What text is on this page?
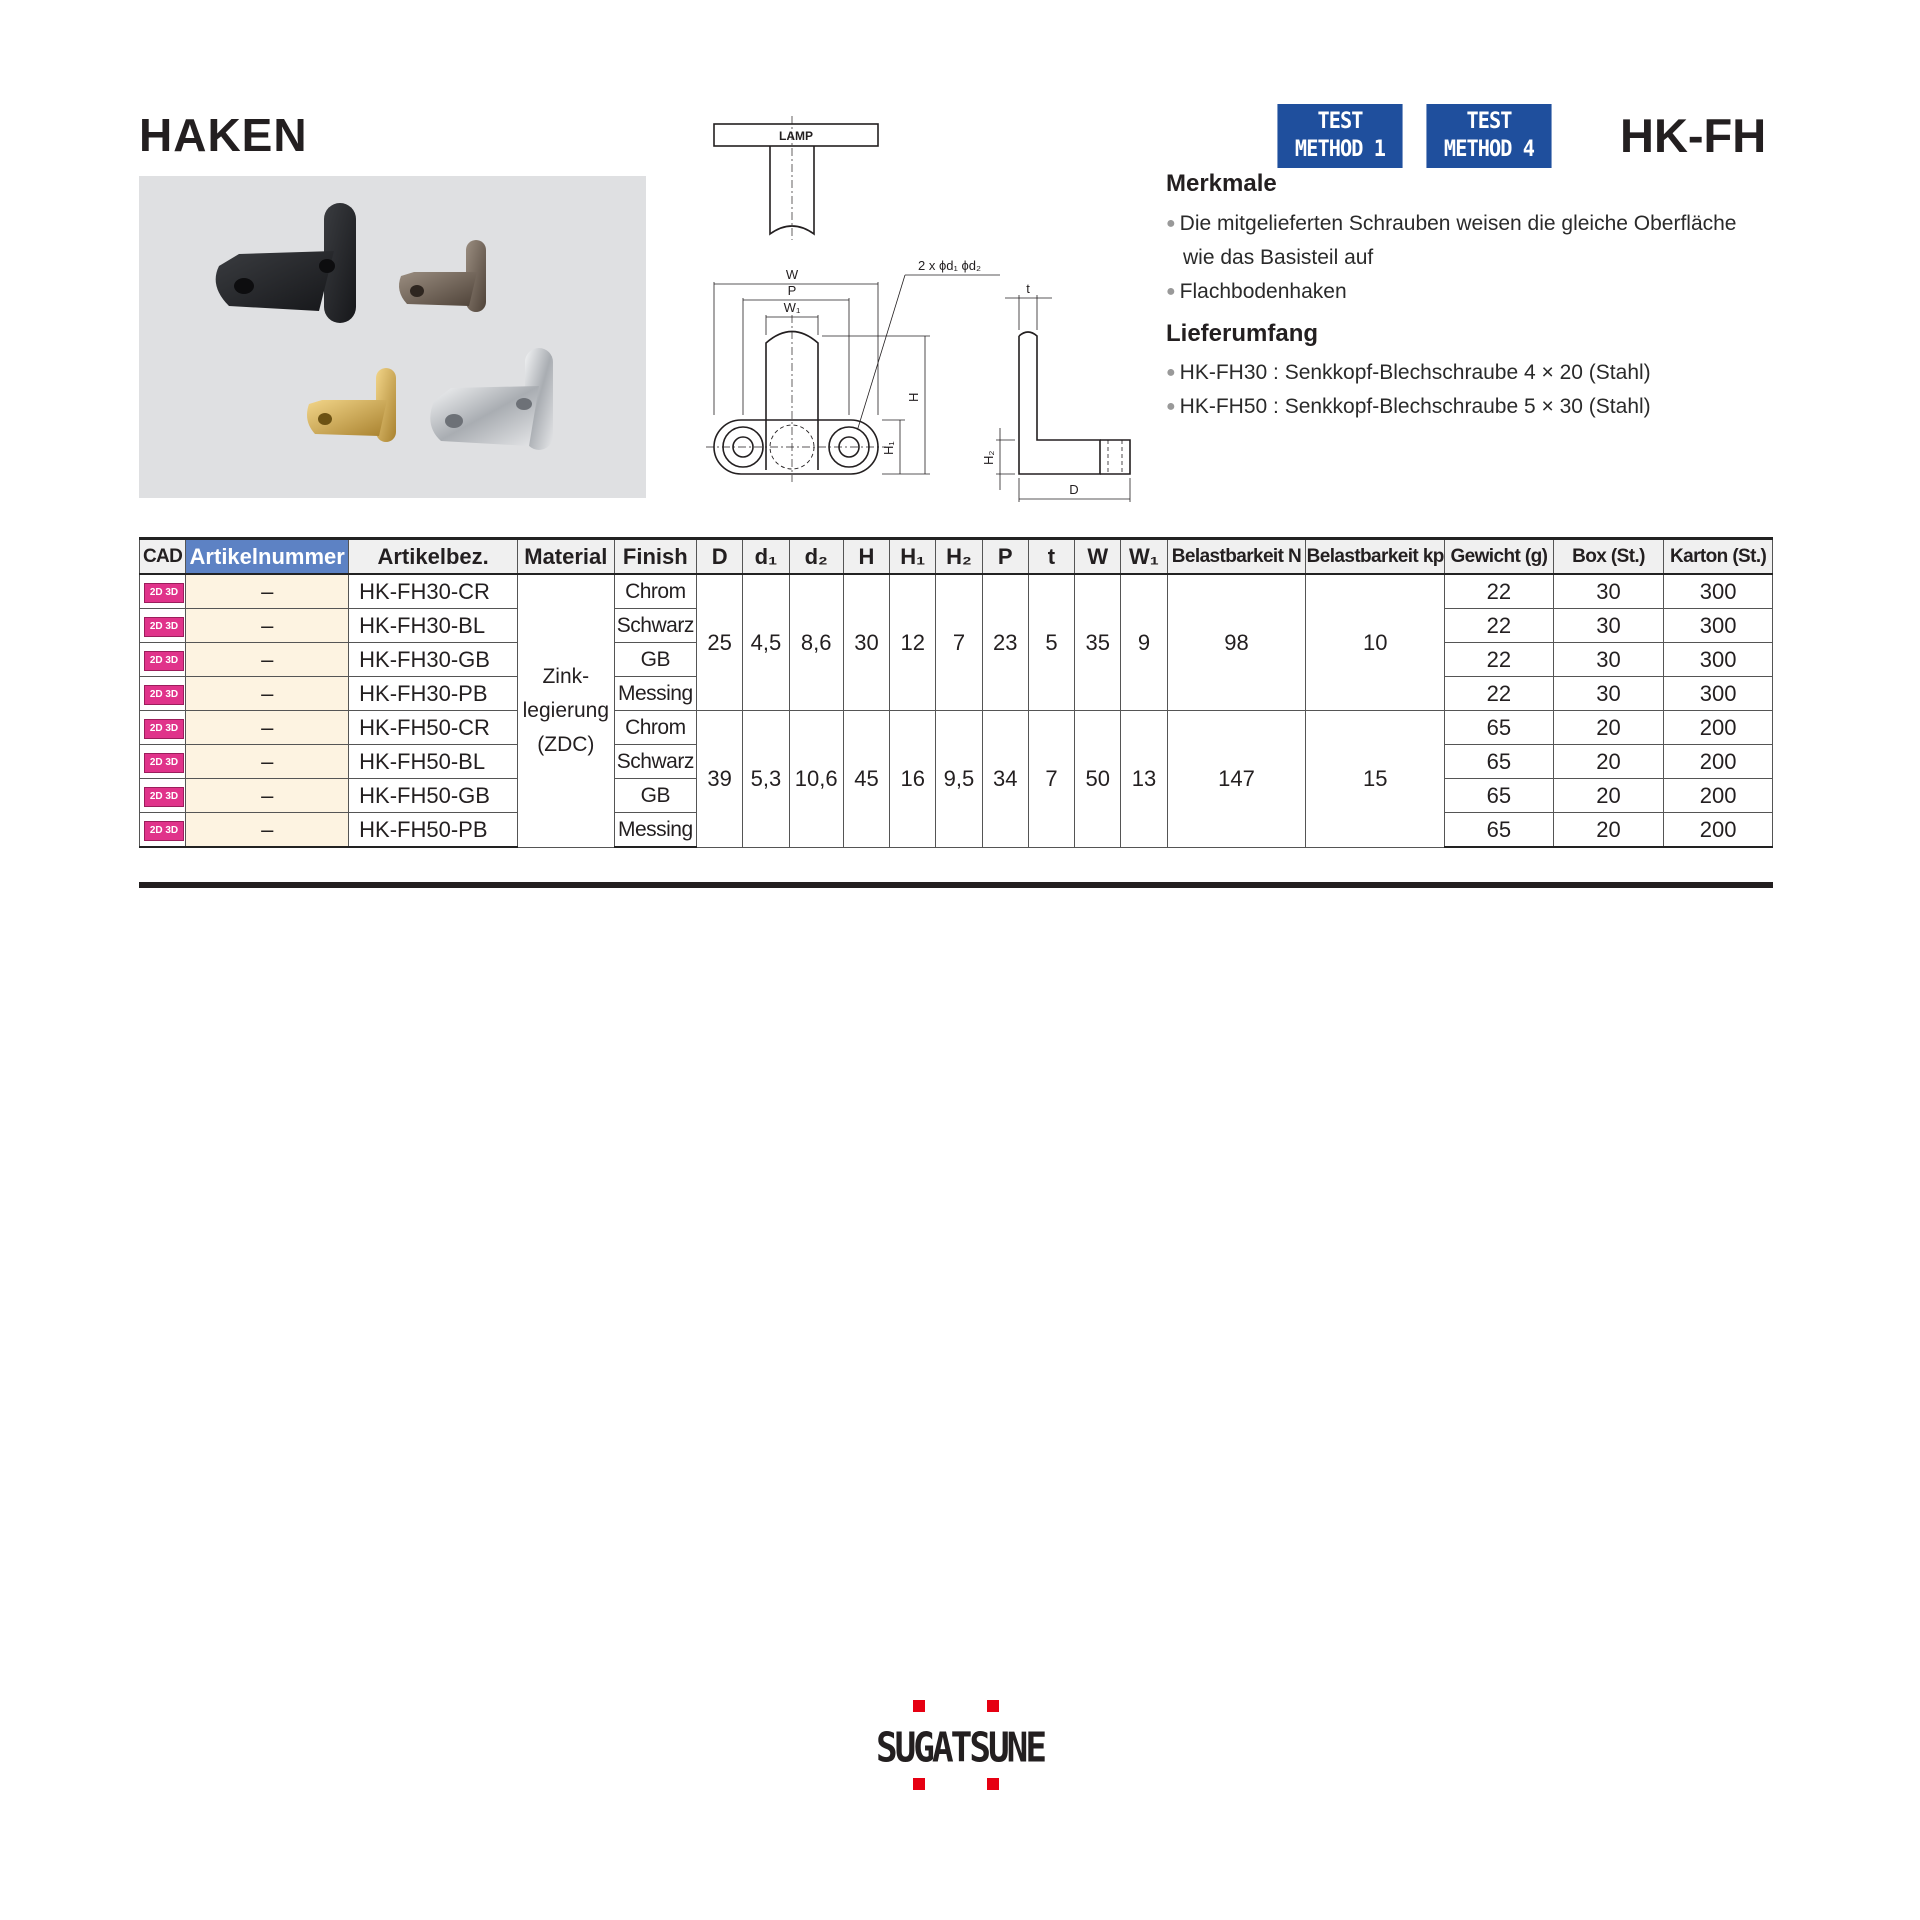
HAKEN	TEST
METHOD 1
TEST
METHOD 4	HK-FH
LAMP
W
P
W₁
2 x ϕd₁ ϕd₂
H
H₁
H₂
t
D
Merkmale
● Die mitgelieferten Schrauben weisen die gleiche Oberfläche
wie das Basisteil auf
● Flachbodenhaken
Lieferumfang
● HK-FH30 : Senkkopf-Blechschraube 4 × 20 (Stahl)
● HK-FH50 : Senkkopf-Blechschraube 5 × 30 (Stahl)
CAD	Artikelnummer	Artikelbez.	Material	Finish	D	d₁	d₂	H	H₁	H₂	P	t	W	W₁	Belastbarkeit N	Belastbarkeit kp	Gewicht (g)	Box (St.)	Karton (St.)
2D 3D	–	HK-FH30-CR	Zink-legierung (ZDC)	Chrom	25	4,5	8,6	30	12	7	23	5	35	9	98	10	22	30	300
2D 3D	–	HK-FH30-BL		Schwarz													22	30	300
2D 3D	–	HK-FH30-GB		GB													22	30	300
2D 3D	–	HK-FH30-PB		Messing													22	30	300
2D 3D	–	HK-FH50-CR		Chrom	39	5,3	10,6	45	16	9,5	34	7	50	13	147	15	65	20	200
2D 3D	–	HK-FH50-BL		Schwarz													65	20	200
2D 3D	–	HK-FH50-GB		GB													65	20	200
2D 3D	–	HK-FH50-PB		Messing													65	20	200
SUGATSUNE
